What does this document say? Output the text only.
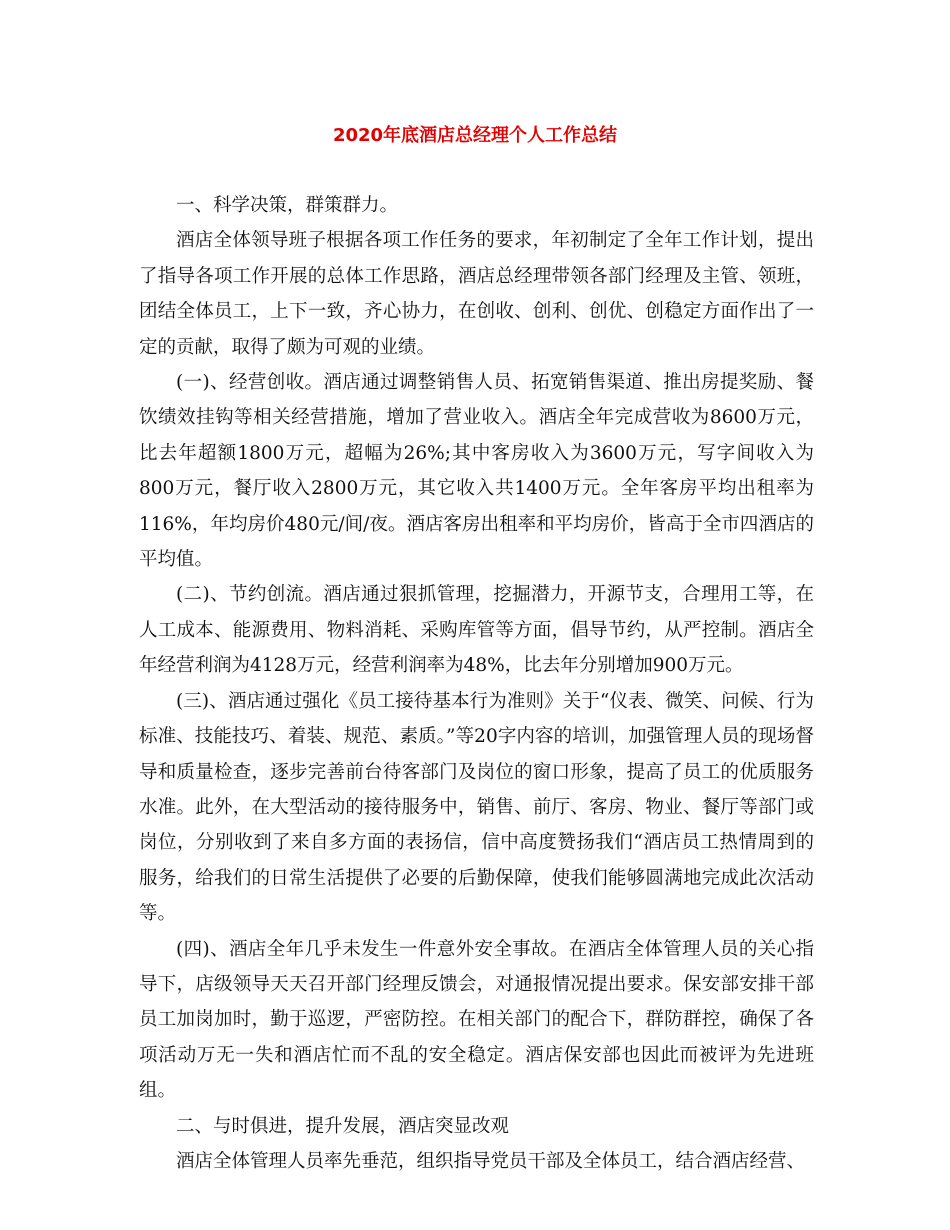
2020年底酒店总经理个人工作总结

一、科学决策，群策群力。

酒店全体领导班子根据各项工作任务的要求，年初制定了全年工作计划，提出了指导各项工作开展的总体工作思路，酒店总经理带领各部门经理及主管、领班，团结全体员工，上下一致，齐心协力，在创收、创利、创优、创稳定方面作出了一定的贡献，取得了颇为可观的业绩。

(一)、经营创收。酒店通过调整销售人员、拓宽销售渠道、推出房提奖励、餐饮绩效挂钩等相关经营措施，增加了营业收入。酒店全年完成营收为8600万元，比去年超额1800万元，超幅为26%;其中客房收入为3600万元，写字间收入为800万元，餐厅收入2800万元，其它收入共1400万元。全年客房平均出租率为116%，年均房价480元/间/夜。酒店客房出租率和平均房价，皆高于全市四酒店的平均值。

(二)、节约创流。酒店通过狠抓管理，挖掘潜力，开源节支，合理用工等，在人工成本、能源费用、物料消耗、采购库管等方面，倡导节约，从严控制。酒店全年经营利润为4128万元，经营利润率为48%，比去年分别增加900万元。

(三)、酒店通过强化《员工接待基本行为准则》关于“仪表、微笑、问候、行为标准、技能技巧、着装、规范、素质。”等20字内容的培训，加强管理人员的现场督导和质量检查，逐步完善前台待客部门及岗位的窗口形象，提高了员工的优质服务水准。此外，在大型活动的接待服务中，销售、前厅、客房、物业、餐厅等部门或岗位，分别收到了来自多方面的表扬信，信中高度赞扬我们“酒店员工热情周到的服务，给我们的日常生活提供了必要的后勤保障，使我们能够圆满地完成此次活动等。

(四)、酒店全年几乎未发生一件意外安全事故。在酒店全体管理人员的关心指导下，店级领导天天召开部门经理反馈会，对通报情况提出要求。保安部安排干部员工加岗加时，勤于巡逻，严密防控。在相关部门的配合下，群防群控，确保了各项活动万无一失和酒店忙而不乱的安全稳定。酒店保安部也因此而被评为先进班组。

二、与时俱进，提升发展，酒店突显改观

酒店全体管理人员率先垂范，组织指导党员干部及全体员工，结合酒店经营、
